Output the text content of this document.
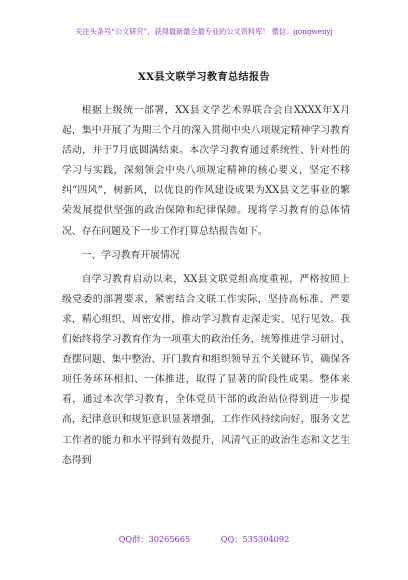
关注头条号“公文研究”，获得最新最全最专业的公文资料库！ 微信：gongwenyj
XX县文联学习教育总结报告

根据上级统一部署，XX县文学艺术界联合会自XXXX年X月起，集中开展了为期三个月的深入贯彻中央八项规定精神学习教育活动，并于7月底圆满结束。本次学习教育通过系统性、针对性的学习与实践，深刻领会中央八项规定精神的核心要义，坚定不移纠“四风”，树新风，以优良的作风建设成果为XX县文艺事业的繁荣发展提供坚强的政治保障和纪律保障。现将学习教育的总体情况、存在问题及下一步工作打算总结报告如下。

一、学习教育开展情况

自学习教育启动以来，XX县文联党组高度重视，严格按照上级党委的部署要求，紧密结合文联工作实际，坚持高标准、严要求，精心组织、周密安排，推动学习教育走深走实、见行见效。我们始终将学习教育作为一项重大的政治任务，统筹推进学习研讨、查摆问题、集中整治、开门教育和组织领导五个关键环节，确保各项任务环环相扣、一体推进，取得了显著的阶段性成果。整体来看，通过本次学习教育，全体党员干部的政治站位得到进一步提高，纪律意识和规矩意识显著增强，工作作风持续向好，服务文艺工作者的能力和水平得到有效提升，风清气正的政治生态和文艺生态得到

QQ群：30265665	QQ：535304092
